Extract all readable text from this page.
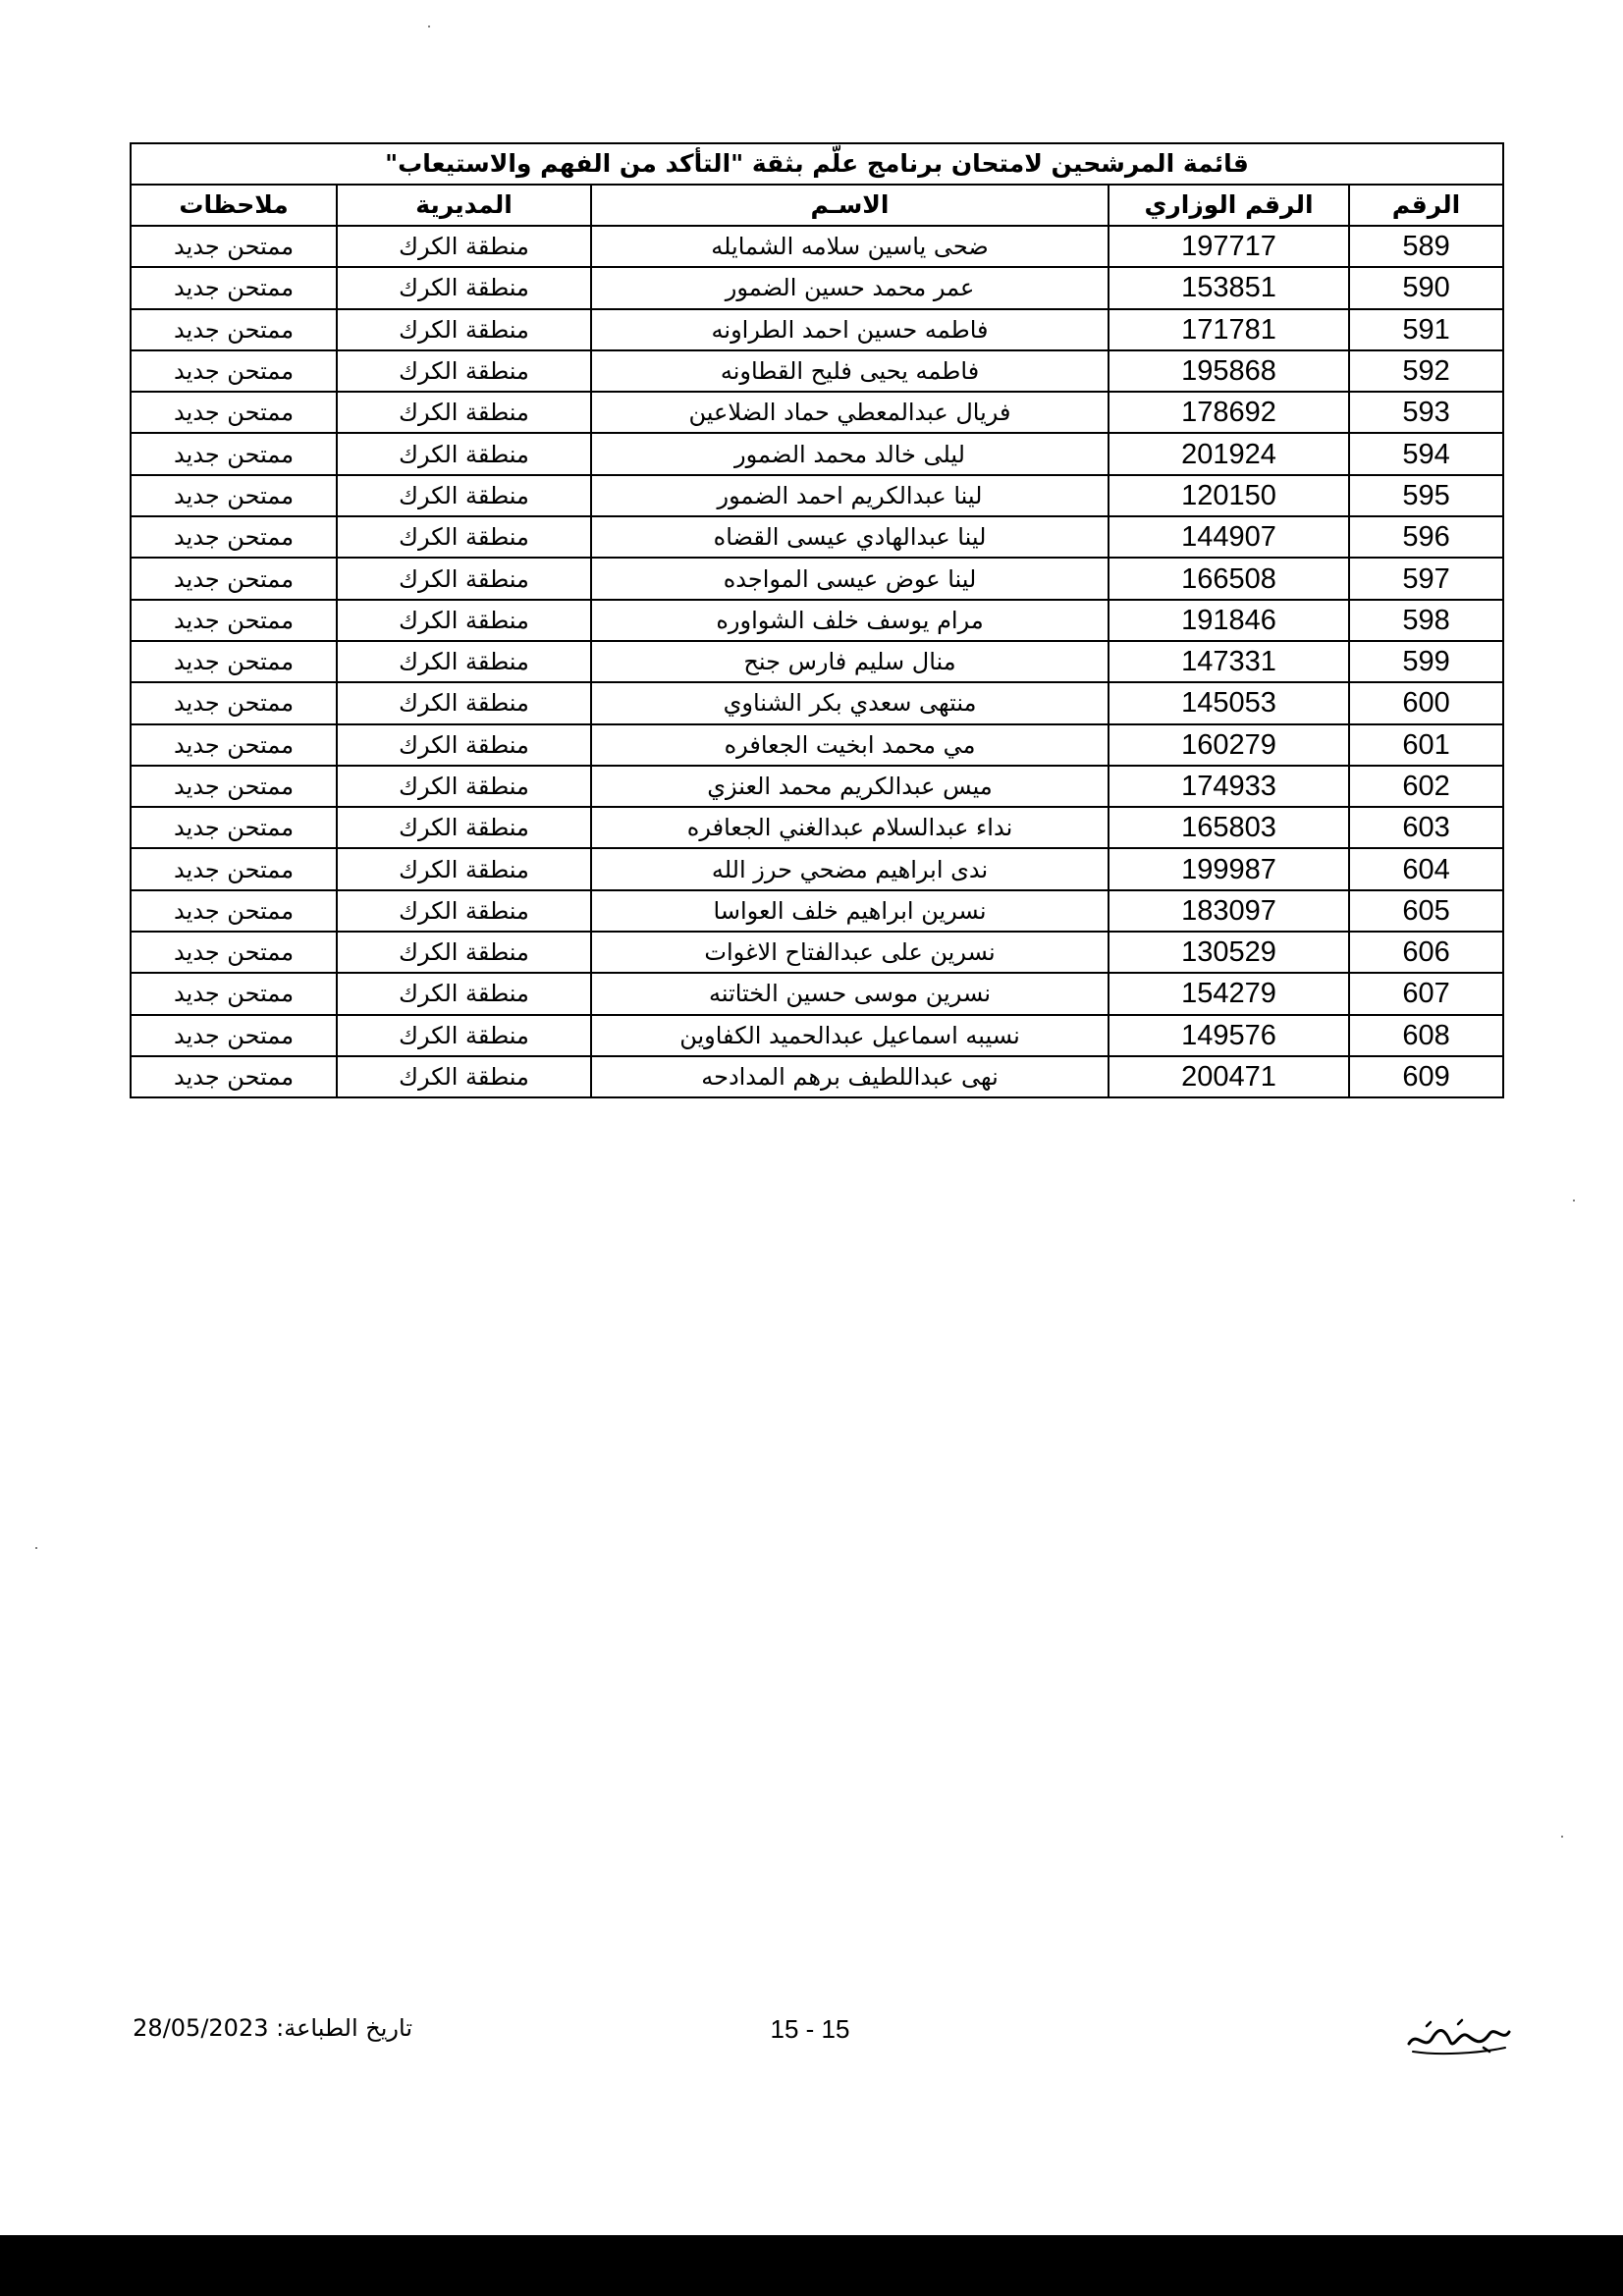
قائمة المرشحين لامتحان برنامج علّم بثقة "التأكد من الفهم والاستيعاب"				
الرقم	الرقم الوزاري	الاسـم	المديرية	ملاحظات
589	197717	ضحى ياسين سلامه الشمايله	منطقة الكرك	ممتحن جديد
590	153851	عمر محمد حسين الضمور	منطقة الكرك	ممتحن جديد
591	171781	فاطمه حسين احمد الطراونه	منطقة الكرك	ممتحن جديد
592	195868	فاطمه يحيى فليح القطاونه	منطقة الكرك	ممتحن جديد
593	178692	فريال عبدالمعطي حماد الضلاعين	منطقة الكرك	ممتحن جديد
594	201924	ليلى خالد محمد الضمور	منطقة الكرك	ممتحن جديد
595	120150	لينا عبدالكريم احمد الضمور	منطقة الكرك	ممتحن جديد
596	144907	لينا عبدالهادي عيسى القضاه	منطقة الكرك	ممتحن جديد
597	166508	لينا عوض عيسى المواجده	منطقة الكرك	ممتحن جديد
598	191846	مرام يوسف خلف الشواوره	منطقة الكرك	ممتحن جديد
599	147331	منال سليم فارس جنح	منطقة الكرك	ممتحن جديد
600	145053	منتهى سعدي بكر الشناوي	منطقة الكرك	ممتحن جديد
601	160279	مي محمد ابخيت الجعافره	منطقة الكرك	ممتحن جديد
602	174933	ميس عبدالكريم محمد العنزي	منطقة الكرك	ممتحن جديد
603	165803	نداء عبدالسلام عبدالغني الجعافره	منطقة الكرك	ممتحن جديد
604	199987	ندى ابراهيم مضحي حرز الله	منطقة الكرك	ممتحن جديد
605	183097	نسرين ابراهيم خلف العواسا	منطقة الكرك	ممتحن جديد
606	130529	نسرين على عبدالفتاح الاغوات	منطقة الكرك	ممتحن جديد
607	154279	نسرين موسى حسين الختاتنه	منطقة الكرك	ممتحن جديد
608	149576	نسيبه اسماعيل عبدالحميد الكفاوين	منطقة الكرك	ممتحن جديد
609	200471	نهى عبداللطيف برهم المدادحه	منطقة الكرك	ممتحن جديد
تاريخ الطباعة: 28/05/2023	15 - 15
